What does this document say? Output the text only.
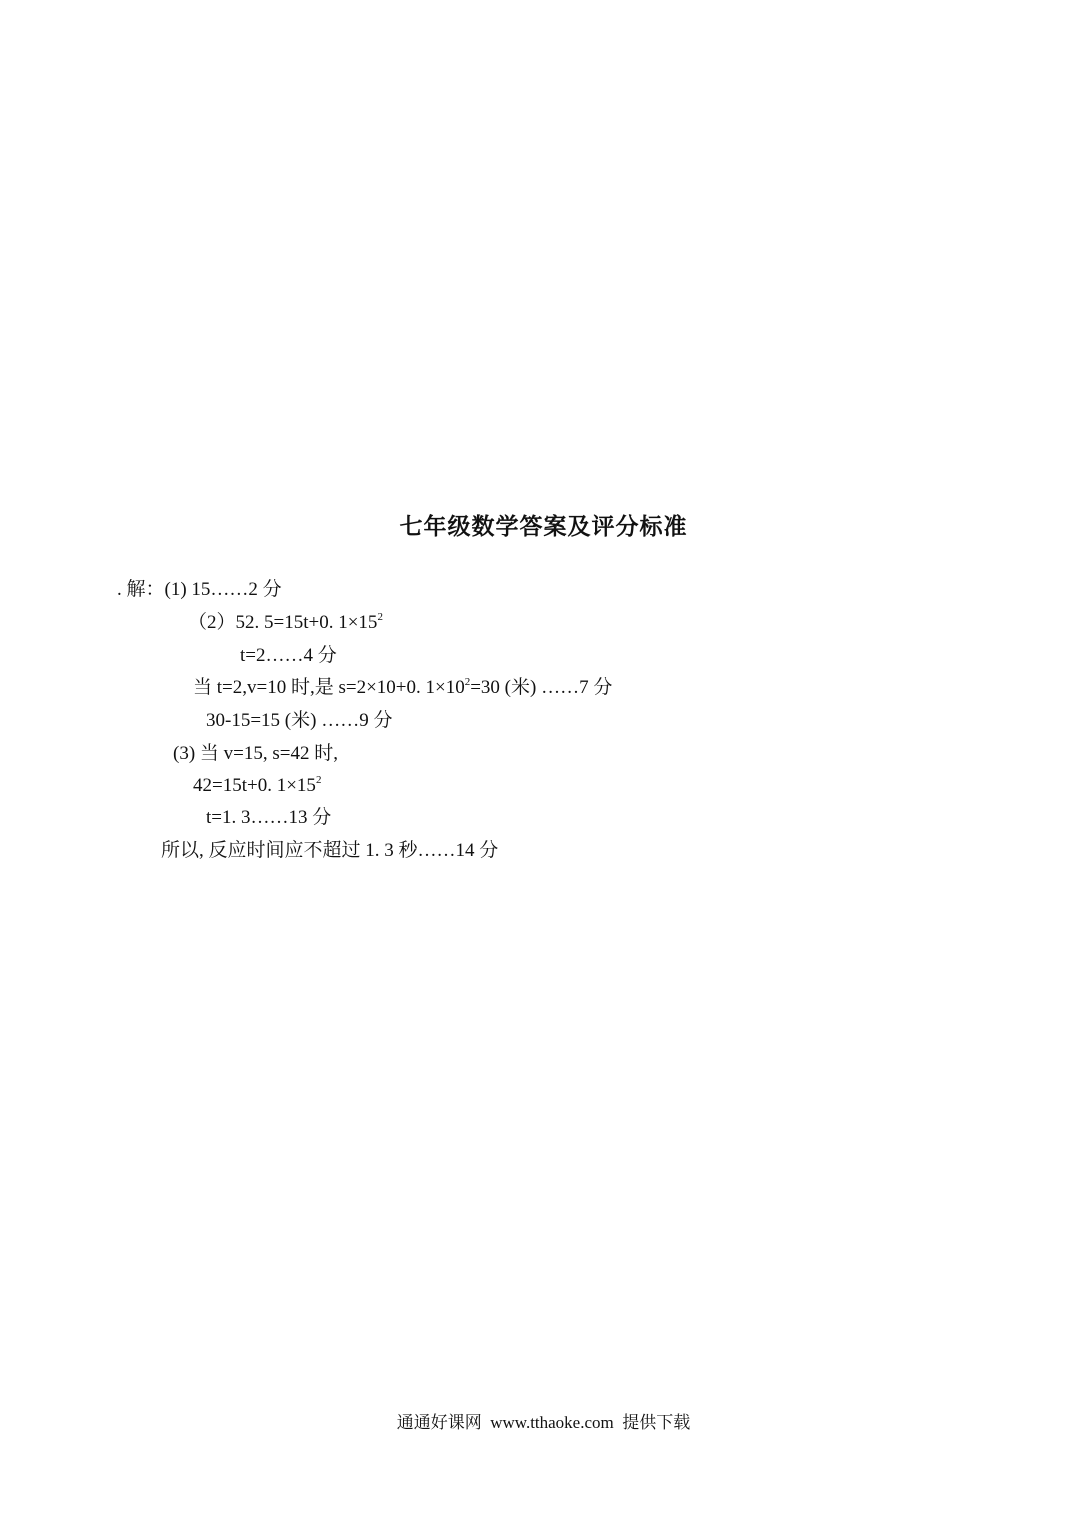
七年级数学答案及评分标准
. 解：(1) 15……2 分
（2）52. 5=15t+0. $1\times 15^2$
t=2……4 分
当 t=2,v=10 时,是 s=2×10+0. $1\times 10^2=30$ (米) ……7 分
30-15=15 (米) ……9 分
(3) 当 v=15, s=42 时,
42=15t+0. $1\times 15^2$
t=1. 3……13 分
所以, 反应时间应不超过 1. 3 秒……14 分
通通好课网  www.tthaoke.com  提供下载
